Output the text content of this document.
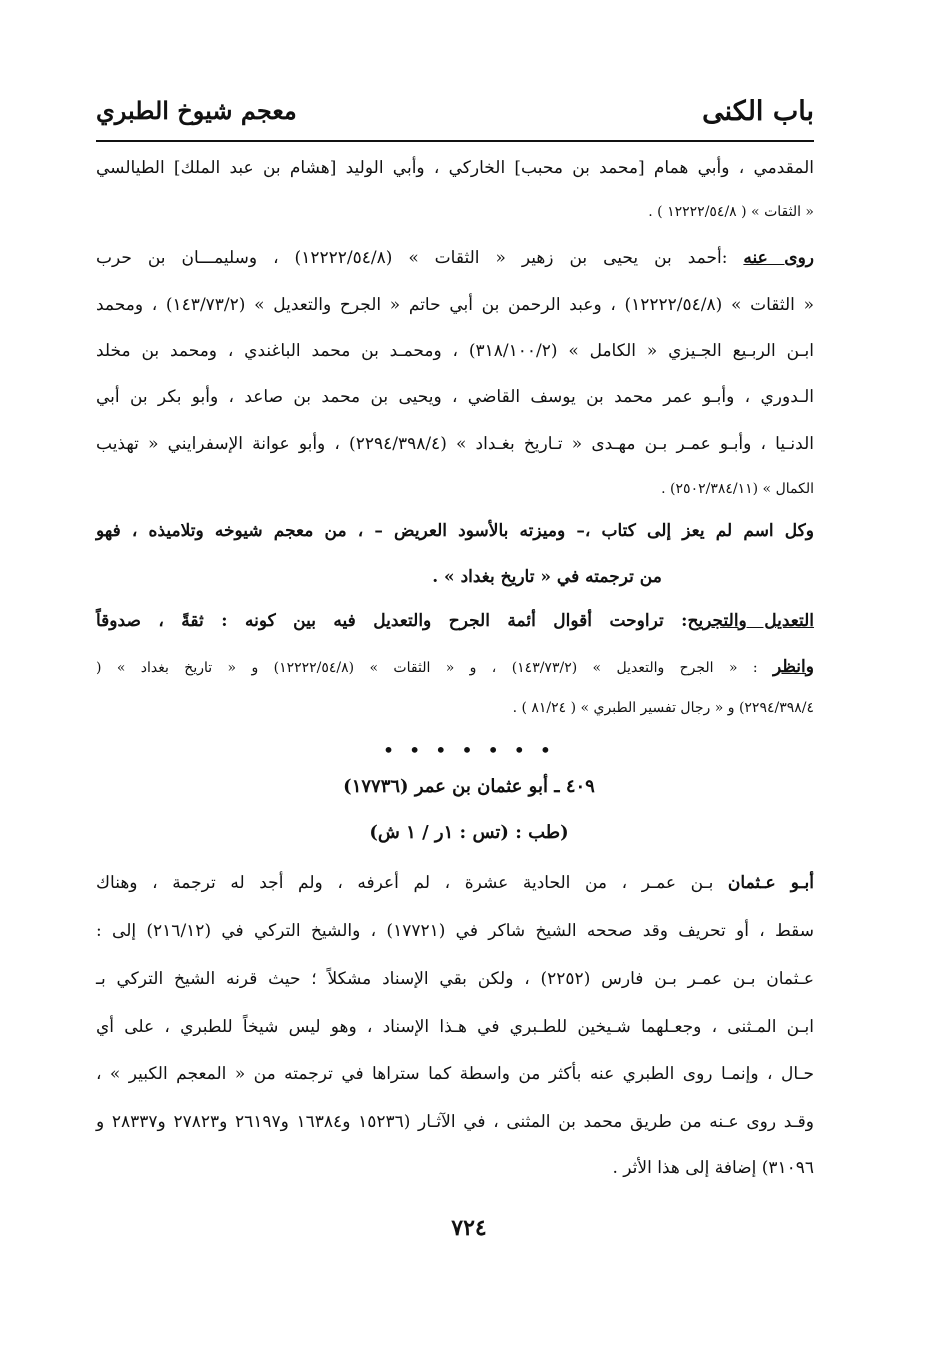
باب الكنى
معجم شيوخ الطبري
المقدمي ، وأبي همام [محمد بن محبب] الخاركي ، وأبي الوليد [هشام بن عبد الملك] الطيالسي
« الثقات » ( ١٢٢٢٢/٥٤/٨ ) .
روى عنه :أحمد بن يحيى بن زهير « الثقات » (١٢٢٢٢/٥٤/٨) ، وسليمـــان بن حرب
« الثقات » (١٢٢٢٢/٥٤/٨) ، وعبد الرحمن بن أبي حاتم « الجرح والتعديل » (١٤٣/٧٣/٢) ، ومحمد
ابـن الربـيع الجـيزي « الكامل » (٣١٨/١٠٠/٢) ، ومحمـد بن محمد الباغندي ، ومحمد بن مخلد
الـدوري ، وأبـو عمر محمد بن يوسف القاضي ، ويحيى بن محمد بن صاعد ، وأبو بكر بن أبي
الدنـيا ، وأبـو عمـر بـن مهـدى « تـاريخ بغـداد » (٢٢٩٤/٣٩٨/٤) ، وأبو عوانة الإسفرايني « تهذيب
الكمال » (٢٥٠٢/٣٨٤/١١) .
وكل اسم لم يعز إلى كتاب ،– وميزته بالأسود العريض – ، من معجم شيوخه وتلاميذه ، فهو
من ترجمته في « تاريخ بغداد » .
التعديل والتجريح: تراوحت أقوال أئمة الجرح والتعديل فيه بين كونه : ثقةً ، صدوقاً
وانظر : « الجرح والتعديل » (١٤٣/٧٣/٢) ، و « الثقات » (١٢٢٢٢/٥٤/٨) و « تاريخ بغداد » (
٢٢٩٤/٣٩٨/٤) و « رجال تفسير الطبري » ( ٨١/٢٤ ) .
• • • • • • •
٤٠٩ ـ أبو عثمان بن عمر (١٧٧٣٦)
(طب : (تس : ١ر / ١ ش)
أبـو عـثمان بـن عمـر ، من الحادية عشرة ، لم أعرفه ، ولم أجد له ترجمة ، وهناك
سقط ، أو تحريف وقد صححه الشيخ شاكر في (١٧٧٢١) ، والشيخ التركي في (٢١٦/١٢) إلى :
عـثمان بـن عمـر بـن فارس (٢٢٥٢) ، ولكن بقي الإسناد مشكلاً ؛ حيث قرنه الشيخ التركي بـ
ابـن المـثنى ، وجعـلهما شـيخين للطـبري في هـذا الإسناد ، وهو ليس شيخاً للطبري ، على أي
حـال ، وإنمـا روى الطبري عنه بأكثر من واسطة كما ستراها في ترجمته من « المعجم الكبير » ،
وقـد روى عـنه من طريق محمد بن المثنى ، في الآثـار (١٥٢٣٦ و١٦٣٨٤ و٢٦١٩٧ و٢٧٨٢٣ و٢٨٣٣٧ و
٣١٠٩٦) إضافة إلى هذا الأثر .
٧٢٤
